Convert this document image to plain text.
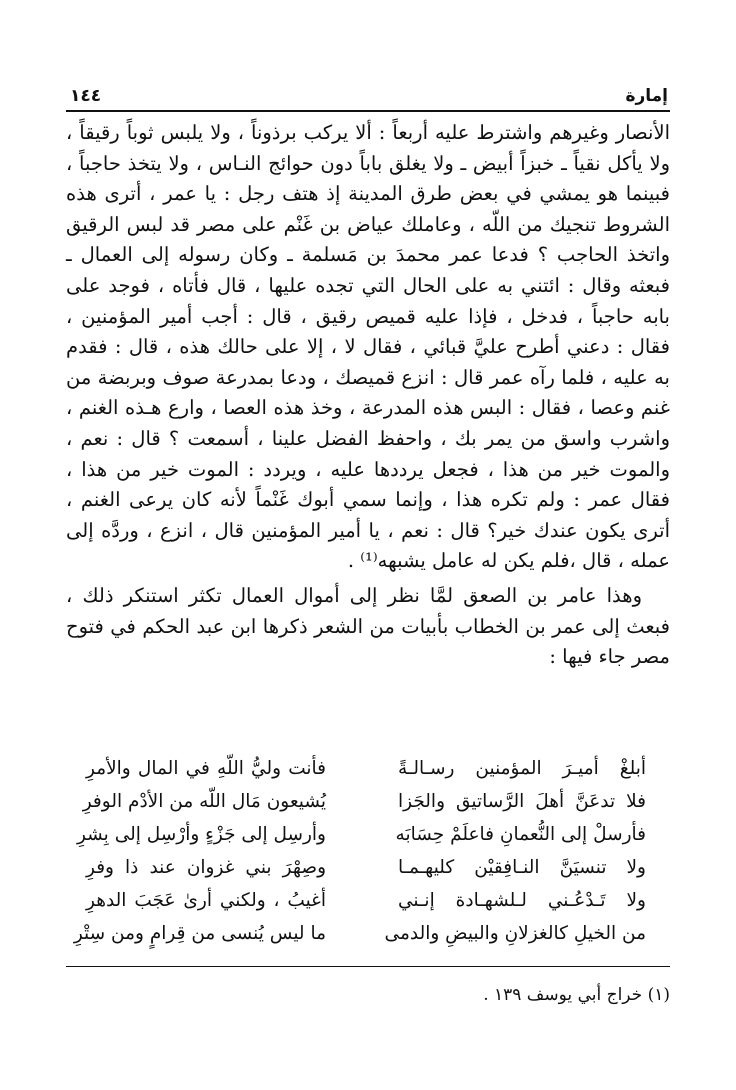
إمارة
١٤٤

الأنصار وغيرهم واشترط عليه أربعاً : ألا يركب برذوناً ، ولا يلبس ثوباً رقيقاً ، ولا يأكل نقياً ـ خبزاً أبيض ـ ولا يغلق باباً دون حوائج النـاس ، ولا يتخذ حاجباً ، فبينما هو يمشي في بعض طرق المدينة إذ هتف رجل : يا عمر ، أترى هذه الشروط تنجيك من اللّه ، وعاملك عياض بن غَنْم على مصر قد لبس الرقيق واتخذ الحاجب ؟ فدعا عمر محمدَ بن مَسلمة ـ وكان رسوله إلى العمال ـ فبعثه وقال : ائتني به على الحال التي تجده عليها ، قال فأتاه ، فوجد على بابه حاجباً ، فدخل ، فإذا عليه قميص رقيق ، قال : أجب أمير المؤمنين ، فقال : دعني أطرح عليَّ قبائي ، فقال لا ، إلا على حالك هذه ، قال : فقدم به عليه ، فلما رآه عمر قال : انزع قميصك ، ودعا بمدرعة صوف وبربضة من غنم وعصا ، فقال : البس هذه المدرعة ، وخذ هذه العصا ، وارع هـذه الغنم ، واشرب واسق من يمر بك ، واحفظ الفضل علينا ، أسمعت ؟ قال : نعم ، والموت خير من هذا ، فجعل يرددها عليه ، ويردد : الموت خير من هذا ، فقال عمر : ولم تكره هذا ، وإنما سمي أبوك غَنْماً لأنه كان يرعى الغنم ، أترى يكون عندك خير؟ قال : نعم ، يا أمير المؤمنين قال ، انزع ، وردَّه إلى عمله ، قال ،فلم يكن له عامل يشبهه⁽¹⁾ .

وهذا عامر بن الصعق لمَّا نظر إلى أموال العمال تكثر استنكر ذلك ، فبعث إلى عمر بن الخطاب بأبيات من الشعر ذكرها ابن عبد الحكم في فتوح مصر جاء فيها :

أبلغْ أميـرَ المؤمنين رسـالـةً
فأنت وليُّ اللّهِ في المال والأمرِ
فلا تدعَنَّ أهلَ الرَّساتيق والجَزا
يُشيعون مَال اللّه من الأدْم الوفرِ
فأرسلْ إلى النُّعمانِ فاعلَمْ حِسَابَه
وأرسِل إلى جَزْءٍ وأرْسِل إلى بِشرِ
ولا تنسيَنَّ النـافِقيْن كليهـمـا
وصِهْرَ بني غزوان عند ذا وفرِ
ولا تَـدْعُـني لـلشهـادة إنـني
أغيبُ ، ولكني أرىٰ عَجَبَ الدهرِ
من الخيلِ كالغزلانِ والبيضِ والدمى
ما ليس يُنسى من قِرامٍ ومن سِتْرِ
(١) خراج أبي يوسف ١٣٩ .
